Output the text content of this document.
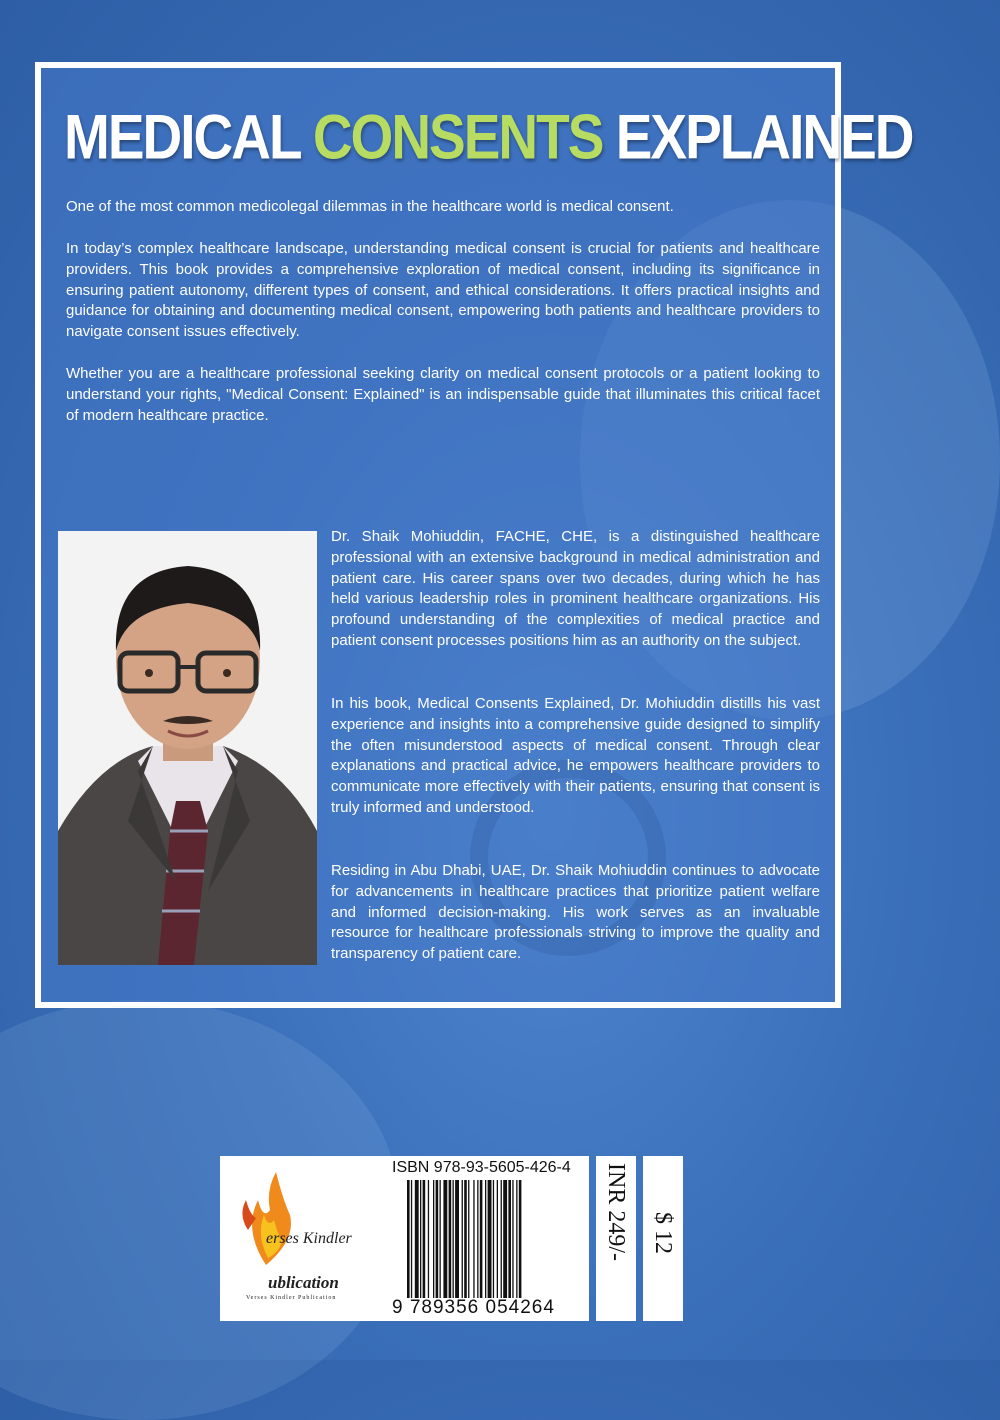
MEDICAL CONSENTS EXPLAINED

One of the most common medicolegal dilemmas in the healthcare world is medical consent.

In today’s complex healthcare landscape, understanding medical consent is crucial for patients and healthcare providers. This book provides a comprehensive exploration of medical consent, including its significance in ensuring patient autonomy, different types of consent, and ethical considerations. It offers practical insights and guidance for obtaining and documenting medical consent, empowering both patients and healthcare providers to navigate consent issues effectively.

Whether you are a healthcare professional seeking clarity on medical consent protocols or a patient looking to understand your rights, "Medical Consent: Explained" is an indispensable guide that illuminates this critical facet of modern healthcare practice.

Dr. Shaik Mohiuddin, FACHE, CHE, is a distinguished healthcare professional with an extensive background in medical administration and patient care. His career spans over two decades, during which he has held various leadership roles in prominent healthcare organizations. His profound understanding of the complexities of medical practice and patient consent processes positions him as an authority on the subject.

In his book, Medical Consents Explained, Dr. Mohiuddin distills his vast experience and insights into a comprehensive guide designed to simplify the often misunderstood aspects of medical consent. Through clear explanations and practical advice, he empowers healthcare providers to communicate more effectively with their patients, ensuring that consent is truly informed and understood.

Residing in Abu Dhabi, UAE, Dr. Shaik Mohiuddin continues to advocate for advancements in healthcare practices that prioritize patient welfare and informed decision-making. His work serves as an invaluable resource for healthcare professionals striving to improve the quality and transparency of patient care.

erses Kindler
ublication
Verses Kindler Publication
ISBN 978-93-5605-426-4
9 789356 054264
INR 249/- $ 12
